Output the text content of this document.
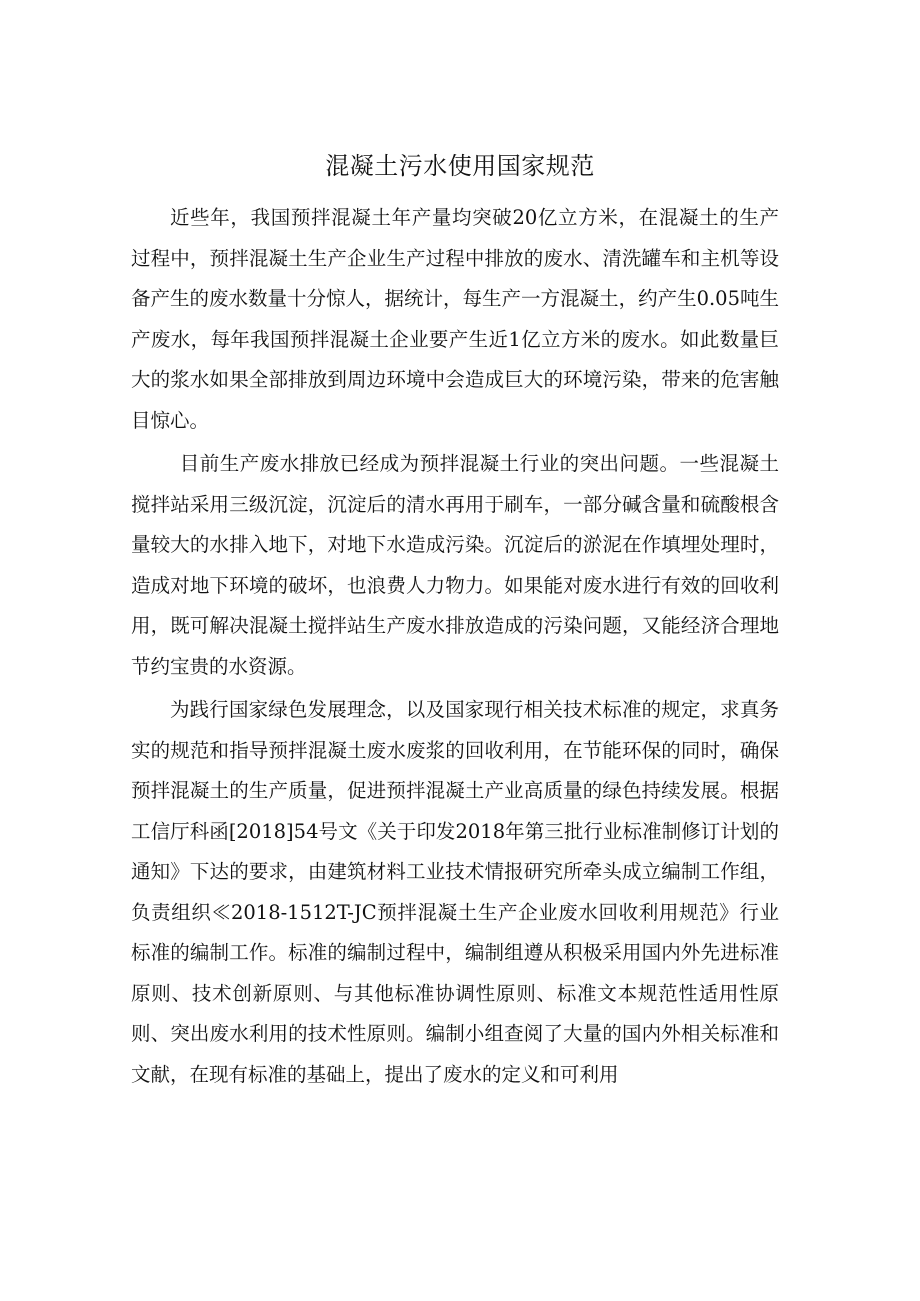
混凝土污水使用国家规范

近些年，我国预拌混凝土年产量均突破20亿立方米，在混凝土的生产过程中，预拌混凝土生产企业生产过程中排放的废水、清洗罐车和主机等设备产生的废水数量十分惊人，据统计，每生产一方混凝土，约产生0.05吨生产废水，每年我国预拌混凝土企业要产生近1亿立方米的废水。如此数量巨大的浆水如果全部排放到周边环境中会造成巨大的环境污染，带来的危害触目惊心。

目前生产废水排放已经成为预拌混凝土行业的突出问题。一些混凝土搅拌站采用三级沉淀，沉淀后的清水再用于刷车，一部分碱含量和硫酸根含量较大的水排入地下，对地下水造成污染。沉淀后的淤泥在作填埋处理时，造成对地下环境的破坏，也浪费人力物力。如果能对废水进行有效的回收利用，既可解决混凝土搅拌站生产废水排放造成的污染问题，又能经济合理地节约宝贵的水资源。

为践行国家绿色发展理念，以及国家现行相关技术标准的规定，求真务实的规范和指导预拌混凝土废水废浆的回收利用，在节能环保的同时，确保预拌混凝土的生产质量，促进预拌混凝土产业高质量的绿色持续发展。根据工信厅科函[2018]54号文《关于印发2018年第三批行业标准制修订计划的通知》下达的要求，由建筑材料工业技术情报研究所牵头成立编制工作组，负责组织≪2018-1512T-JC预拌混凝土生产企业废水回收利用规范》行业标准的编制工作。标准的编制过程中，编制组遵从积极采用国内外先进标准原则、技术创新原则、与其他标准协调性原则、标准文本规范性适用性原则、突出废水利用的技术性原则。编制小组查阅了大量的国内外相关标准和文献，在现有标准的基础上，提出了废水的定义和可利用
